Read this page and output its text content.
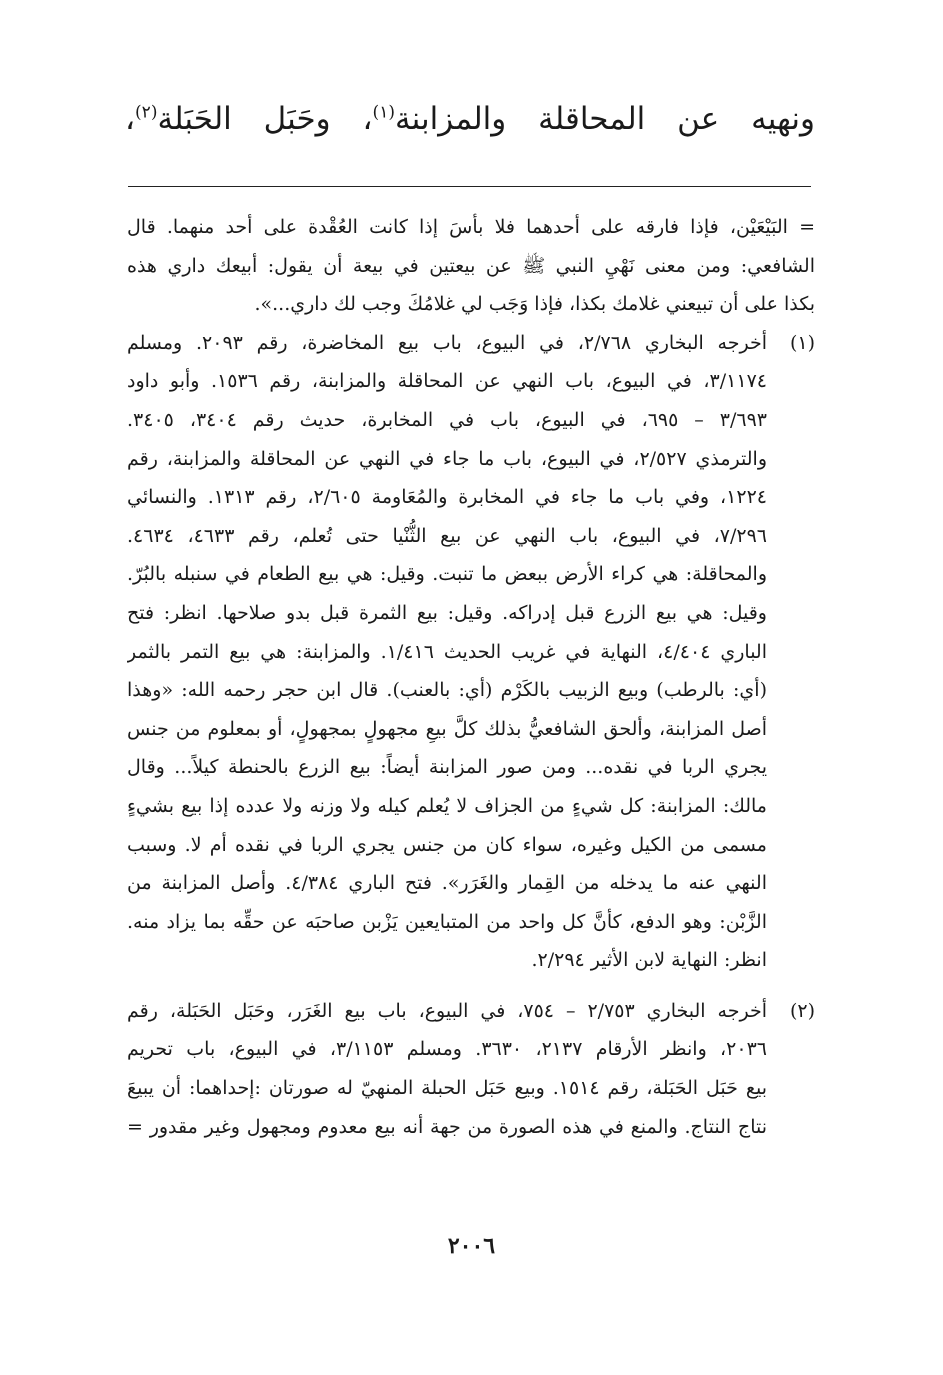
ونهيه عن المحاقلة والمزابنة$^{(١)}$، وحَبَل الحَبَلة$^{(٢)}$،
= البَيْعَيْن، فإذا فارقه على أحدهما فلا بأسَ إذا كانت العُقْدة على أحد منهما. قال
الشافعي: ومن معنى نَهْيِ النبي ﷺ عن بيعتين في بيعة أن يقول: أبيعك داري هذه
بكذا على أن تبيعني غلامك بكذا، فإذا وَجَب لي غلامُكَ وجب لك داري...».
(١)أخرجه البخاري ٢/٧٦٨، في البيوع، باب بيع المخاضرة، رقم ٢٠٩٣. ومسلم
٣/١١٧٤، في البيوع، باب النهي عن المحاقلة والمزابنة، رقم ١٥٣٦. وأبو داود
٣/٦٩٣ – ٦٩٥، في البيوع، باب في المخابرة، حديث رقم ٣٤٠٤، ٣٤٠٥.
والترمذي ٢/٥٢٧، في البيوع، باب ما جاء في النهي عن المحاقلة والمزابنة، رقم
١٢٢٤، وفي باب ما جاء في المخابرة والمُعَاومة ٢/٦٠٥، رقم ١٣١٣. والنسائي
٧/٢٩٦، في البيوع، باب النهي عن بيع الثُّنْيا حتى تُعلم، رقم ٤٦٣٣، ٤٦٣٤.
والمحاقلة: هي كراء الأرض ببعض ما تنبت. وقيل: هي بيع الطعام في سنبله بالبُرّ.
وقيل: هي بيع الزرع قبل إدراكه. وقيل: بيع الثمرة قبل بدو صلاحها. انظر: فتح
الباري ٤/٤٠٤، النهاية في غريب الحديث ١/٤١٦. والمزابنة: هي بيع التمر بالثمر
(أي: بالرطب) وبيع الزبيب بالكَرْم (أي: بالعنب). قال ابن حجر رحمه الله: «وهذا
أصل المزابنة، وألحق الشافعيُّ بذلك كلَّ بيعِ مجهولٍ بمجهولٍ، أو بمعلوم من جنس
يجري الربا في نقده... ومن صور المزابنة أيضاً: بيع الزرع بالحنطة كيلاً... وقال
مالك: المزابنة: كل شيءٍ من الجزاف لا يُعلم كيله ولا وزنه ولا عدده إذا بيع بشيءٍ
مسمى من الكيل وغيره، سواء كان من جنس يجري الربا في نقده أم لا. وسبب
النهي عنه ما يدخله من القِمار والغَرَر». فتح الباري ٤/٣٨٤. وأصل المزابنة من
الزَّبْن: وهو الدفع، كأنَّ كل واحد من المتبايعين يَزْبن صاحبَه عن حقِّه بما يزاد منه.
انظر: النهاية لابن الأثير ٢/٢٩٤.
(٢)أخرجه البخاري ٢/٧٥٣ – ٧٥٤، في البيوع، باب بيع الغَرَر، وحَبَل الحَبَلة، رقم
٢٠٣٦، وانظر الأرقام ٢١٣٧، ٣٦٣٠. ومسلم ٣/١١٥٣، في البيوع، باب تحريم
بيع حَبَل الحَبَلة، رقم ١٥١٤. وبيع حَبَل الحبلة المنهيّ له صورتان :إحداهما: أن يبيعَ
نتاج النتاج. والمنع في هذه الصورة من جهة أنه بيع معدوم ومجهول وغير مقدور =
٢٠٠٦
